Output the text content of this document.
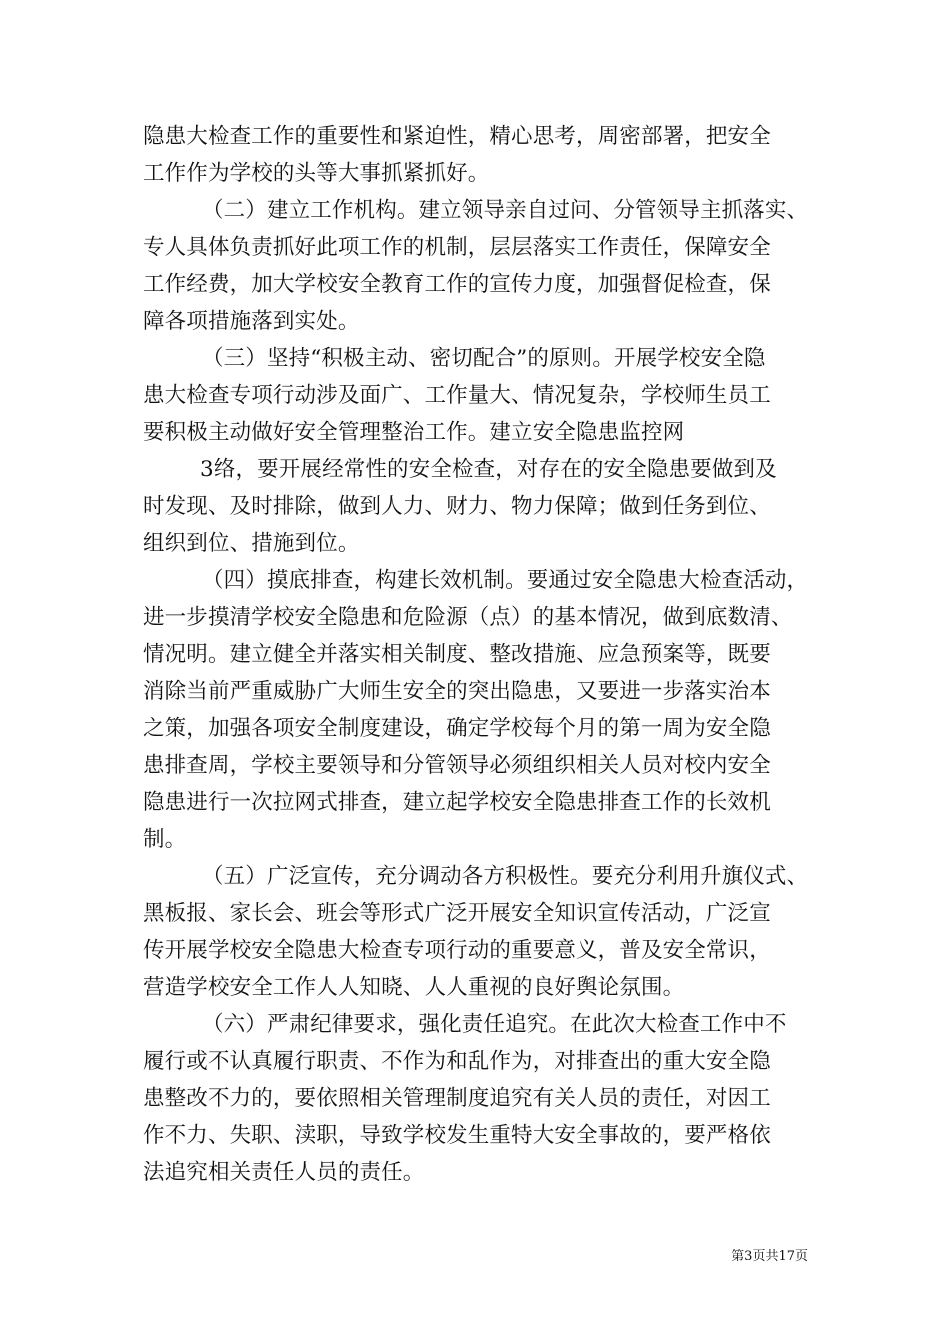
隐患大检查工作的重要性和紧迫性，精心思考，周密部署，把安全
工作作为学校的头等大事抓紧抓好。
（二）建立工作机构。建立领导亲自过问、分管领导主抓落实、
专人具体负责抓好此项工作的机制，层层落实工作责任，保障安全
工作经费，加大学校安全教育工作的宣传力度，加强督促检查，保
障各项措施落到实处。
（三）坚持“积极主动、密切配合”的原则。开展学校安全隐
患大检查专项行动涉及面广、工作量大、情况复杂，学校师生员工
要积极主动做好安全管理整治工作。建立安全隐患监控网
3络，要开展经常性的安全检查，对存在的安全隐患要做到及
时发现、及时排除，做到人力、财力、物力保障；做到任务到位、
组织到位、措施到位。
（四）摸底排查，构建长效机制。要通过安全隐患大检查活动，
进一步摸清学校安全隐患和危险源（点）的基本情况，做到底数清、
情况明。建立健全并落实相关制度、整改措施、应急预案等，既要
消除当前严重威胁广大师生安全的突出隐患，又要进一步落实治本
之策，加强各项安全制度建设，确定学校每个月的第一周为安全隐
患排查周，学校主要领导和分管领导必须组织相关人员对校内安全
隐患进行一次拉网式排查，建立起学校安全隐患排查工作的长效机
制。
（五）广泛宣传，充分调动各方积极性。要充分利用升旗仪式、
黑板报、家长会、班会等形式广泛开展安全知识宣传活动，广泛宣
传开展学校安全隐患大检查专项行动的重要意义，普及安全常识，
营造学校安全工作人人知晓、人人重视的良好舆论氛围。
（六）严肃纪律要求，强化责任追究。在此次大检查工作中不
履行或不认真履行职责、不作为和乱作为，对排查出的重大安全隐
患整改不力的，要依照相关管理制度追究有关人员的责任，对因工
作不力、失职、渎职，导致学校发生重特大安全事故的，要严格依
法追究相关责任人员的责任。
第3页共17页
